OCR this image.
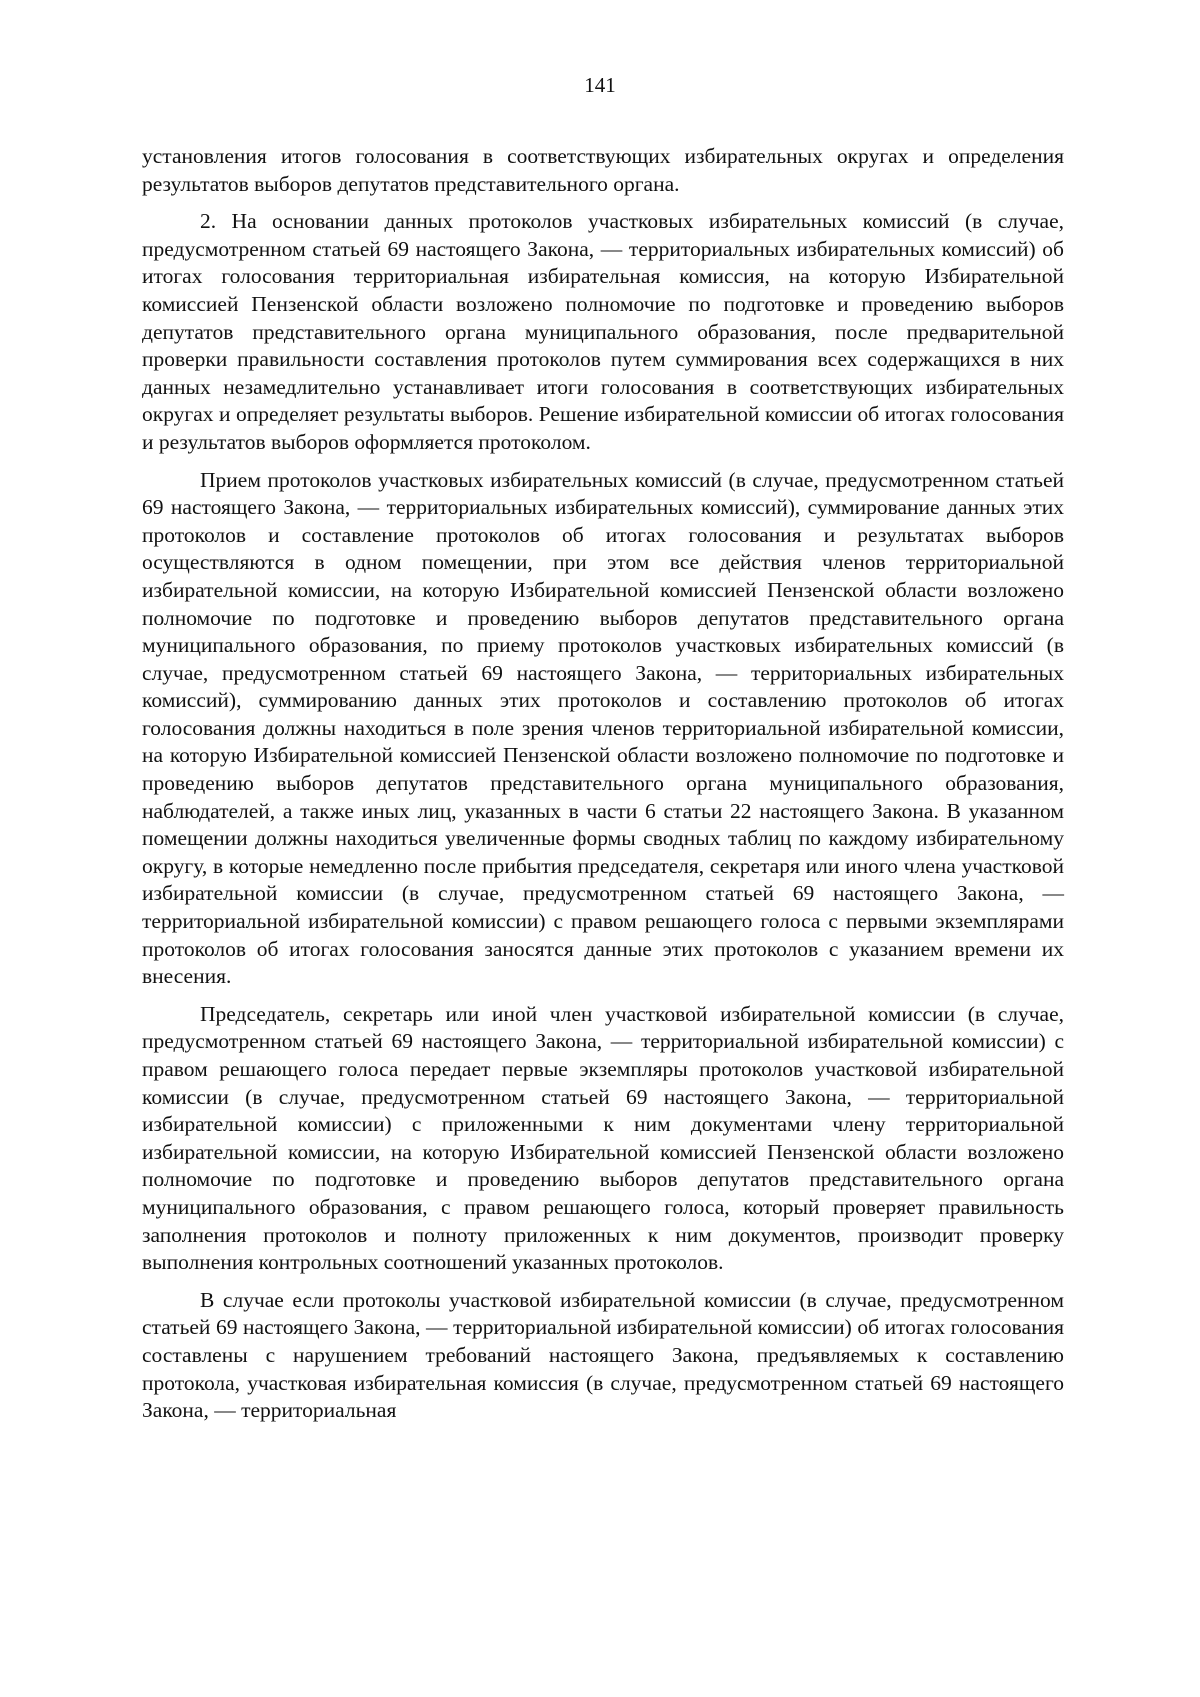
141

установления итогов голосования в соответствующих избирательных округах и определения результатов выборов депутатов представительного органа.

2. На основании данных протоколов участковых избирательных комиссий (в случае, предусмотренном статьей 69 настоящего Закона, — территориальных избирательных комиссий) об итогах голосования территориальная избирательная комиссия, на которую Избирательной комиссией Пензенской области возложено полномочие по подготовке и проведению выборов депутатов представительного органа муниципального образования, после предварительной проверки правильности составления протоколов путем суммирования всех содержащихся в них данных незамедлительно устанавливает итоги голосования в соответствующих избирательных округах и определяет результаты выборов. Решение избирательной комиссии об итогах голосования и результатов выборов оформляется протоколом.

Прием протоколов участковых избирательных комиссий (в случае, предусмотренном статьей 69 настоящего Закона, — территориальных избирательных комиссий), суммирование данных этих протоколов и составление протоколов об итогах голосования и результатах выборов осуществляются в одном помещении, при этом все действия членов территориальной избирательной комиссии, на которую Избирательной комиссией Пензенской области возложено полномочие по подготовке и проведению выборов депутатов представительного органа муниципального образования, по приему протоколов участковых избирательных комиссий (в случае, предусмотренном статьей 69 настоящего Закона, — территориальных избирательных комиссий), суммированию данных этих протоколов и составлению протоколов об итогах голосования должны находиться в поле зрения членов территориальной избирательной комиссии, на которую Избирательной комиссией Пензенской области возложено полномочие по подготовке и проведению выборов депутатов представительного органа муниципального образования, наблюдателей, а также иных лиц, указанных в части 6 статьи 22 настоящего Закона. В указанном помещении должны находиться увеличенные формы сводных таблиц по каждому избирательному округу, в которые немедленно после прибытия председателя, секретаря или иного члена участковой избирательной комиссии (в случае, предусмотренном статьей 69 настоящего Закона, — территориальной избирательной комиссии) с правом решающего голоса с первыми экземплярами протоколов об итогах голосования заносятся данные этих протоколов с указанием времени их внесения.

Председатель, секретарь или иной член участковой избирательной комиссии (в случае, предусмотренном статьей 69 настоящего Закона, — территориальной избирательной комиссии) с правом решающего голоса передает первые экземпляры протоколов участковой избирательной комиссии (в случае, предусмотренном статьей 69 настоящего Закона, — территориальной избирательной комиссии) с приложенными к ним документами члену территориальной избирательной комиссии, на которую Избирательной комиссией Пензенской области возложено полномочие по подготовке и проведению выборов депутатов представительного органа муниципального образования, с правом решающего голоса, который проверяет правильность заполнения протоколов и полноту приложенных к ним документов, производит проверку выполнения контрольных соотношений указанных протоколов.

В случае если протоколы участковой избирательной комиссии (в случае, предусмотренном статьей 69 настоящего Закона, — территориальной избирательной комиссии) об итогах голосования составлены с нарушением требований настоящего Закона, предъявляемых к составлению протокола, участковая избирательная комиссия (в случае, предусмотренном статьей 69 настоящего Закона, — территориальная
